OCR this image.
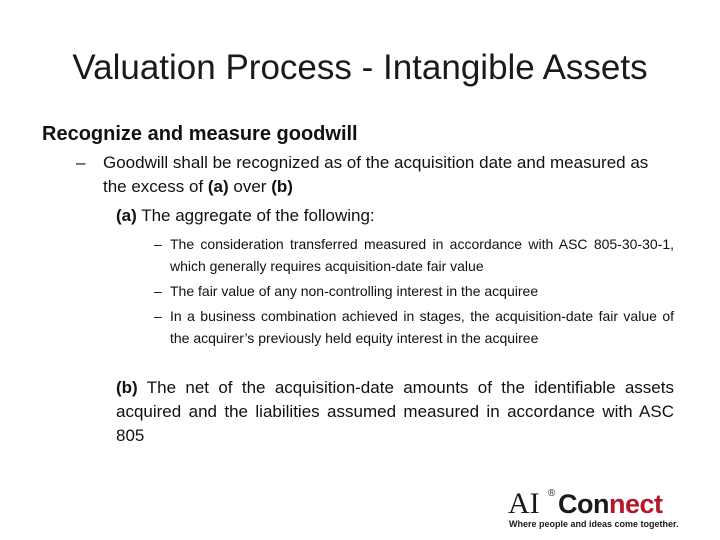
Valuation Process - Intangible Assets
Recognize and measure goodwill
–	Goodwill shall be recognized as of the acquisition date and measured as the excess of (a) over (b)
(a) The aggregate of the following:
– The consideration transferred measured in accordance with ASC 805-30-30-1, which generally requires acquisition-date fair value
– The fair value of any non-controlling interest in the acquiree
– In a business combination achieved in stages, the acquisition-date fair value of the acquirer’s previously held equity interest in the acquiree
(b) The net of the acquisition-date amounts of the identifiable assets acquired and the liabilities assumed measured in accordance with ASC 805
AI ® Connect
Where people and ideas come together.
